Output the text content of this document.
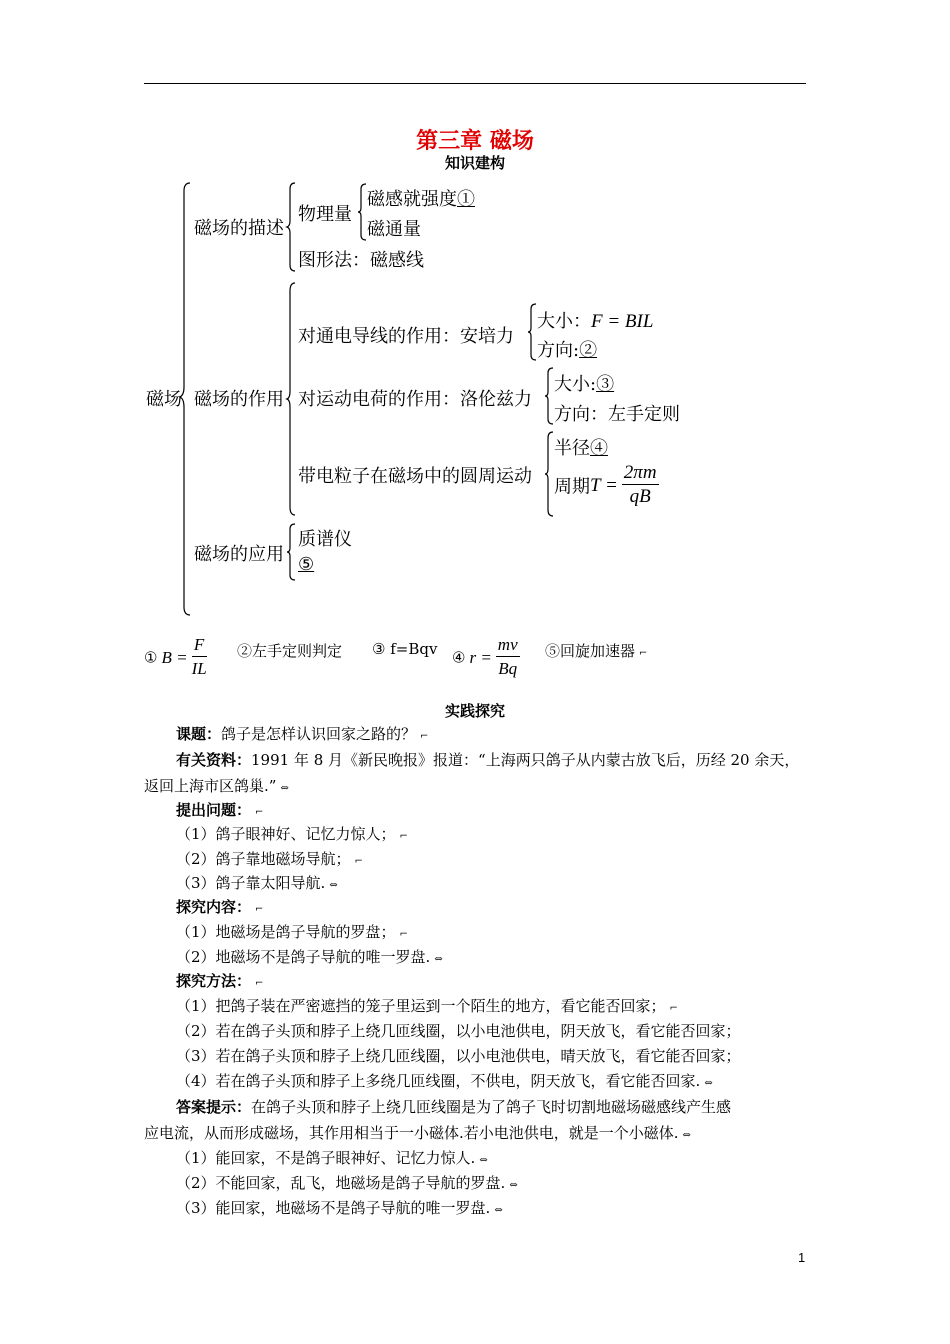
第三章 磁场
知识建构
磁场
磁场的描述
物理量
磁感就强度①
磁通量
图形法：磁感线
磁场的作用
对通电导线的作用：安培力
大小：F = BIL
方向:②
对运动电荷的作用：洛伦兹力
大小:③
方向：左手定则
带电粒子在磁场中的圆周运动
半径④
周期$T = \frac{2\pi m}{qB}$
磁场的应用
质谱仪
⑤
① $B = \frac{F}{IL}$ ②左手定则判定 ③ f=Bqv ④ $r = \frac{mv}{Bq}$ ⑤回旋加速器 ⌐
实践探究
课题：鸽子是怎样认识回家之路的？ ⌐
有关资料：1991 年 8 月《新民晚报》报道：“上海两只鸽子从内蒙古放飞后，历经 20 余天，
返回上海市区鸽巢.” ⇔
提出问题： ⌐
（1）鸽子眼神好、记忆力惊人； ⌐
（2）鸽子靠地磁场导航； ⌐
（3）鸽子靠太阳导航. ⇔
探究内容： ⌐
（1）地磁场是鸽子导航的罗盘； ⌐
（2）地磁场不是鸽子导航的唯一罗盘. ⇔
探究方法： ⌐
（1）把鸽子装在严密遮挡的笼子里运到一个陌生的地方，看它能否回家； ⌐
（2）若在鸽子头顶和脖子上绕几匝线圈，以小电池供电，阴天放飞，看它能否回家；
（3）若在鸽子头顶和脖子上绕几匝线圈，以小电池供电，晴天放飞，看它能否回家；
（4）若在鸽子头顶和脖子上多绕几匝线圈，不供电，阴天放飞，看它能否回家. ⇔
答案提示：在鸽子头顶和脖子上绕几匝线圈是为了鸽子飞时切割地磁场磁感线产生感
应电流，从而形成磁场，其作用相当于一小磁体.若小电池供电，就是一个小磁体. ⇔
（1）能回家，不是鸽子眼神好、记忆力惊人. ⇔
（2）不能回家，乱飞，地磁场是鸽子导航的罗盘. ⇔
（3）能回家，地磁场不是鸽子导航的唯一罗盘. ⇔
1
